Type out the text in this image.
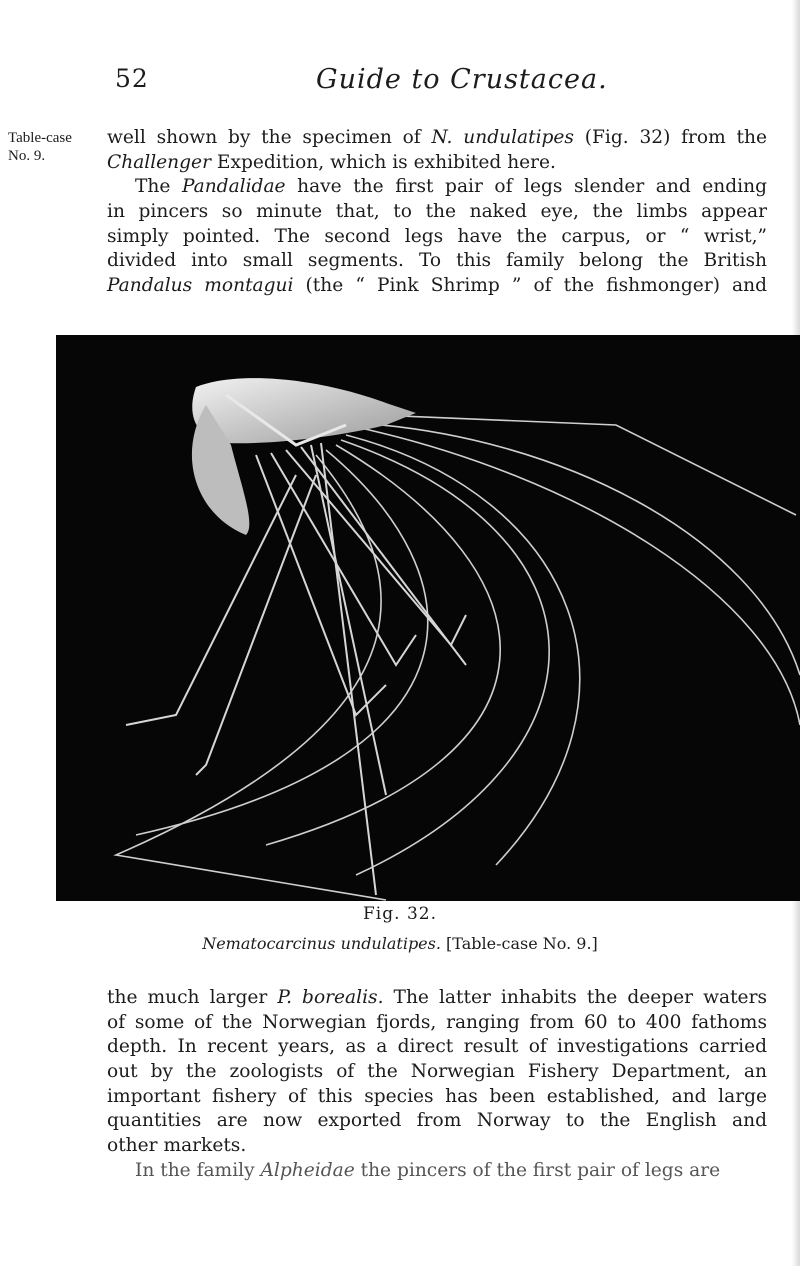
52	Guide to Crustacea.
Table-case
No. 9.
well shown by the specimen of N. undulatipes (Fig. 32) from the
Challenger Expedition, which is exhibited here.
The Pandalidae have the first pair of legs slender and ending
in pincers so minute that, to the naked eye, the limbs appear
simply pointed. The second legs have the carpus, or “ wrist,”
divided into small segments. To this family belong the British
Pandalus montagui (the “ Pink Shrimp ” of the fishmonger) and
Fig. 32.
Nematocarcinus undulatipes. [Table-case No. 9.]
the much larger P. borealis. The latter inhabits the deeper waters
of some of the Norwegian fjords, ranging from 60 to 400 fathoms
depth. In recent years, as a direct result of investigations carried
out by the zoologists of the Norwegian Fishery Department, an
important fishery of this species has been established, and large
quantities are now exported from Norway to the English and
other markets.
In the family Alpheidae the pincers of the first pair of legs are
